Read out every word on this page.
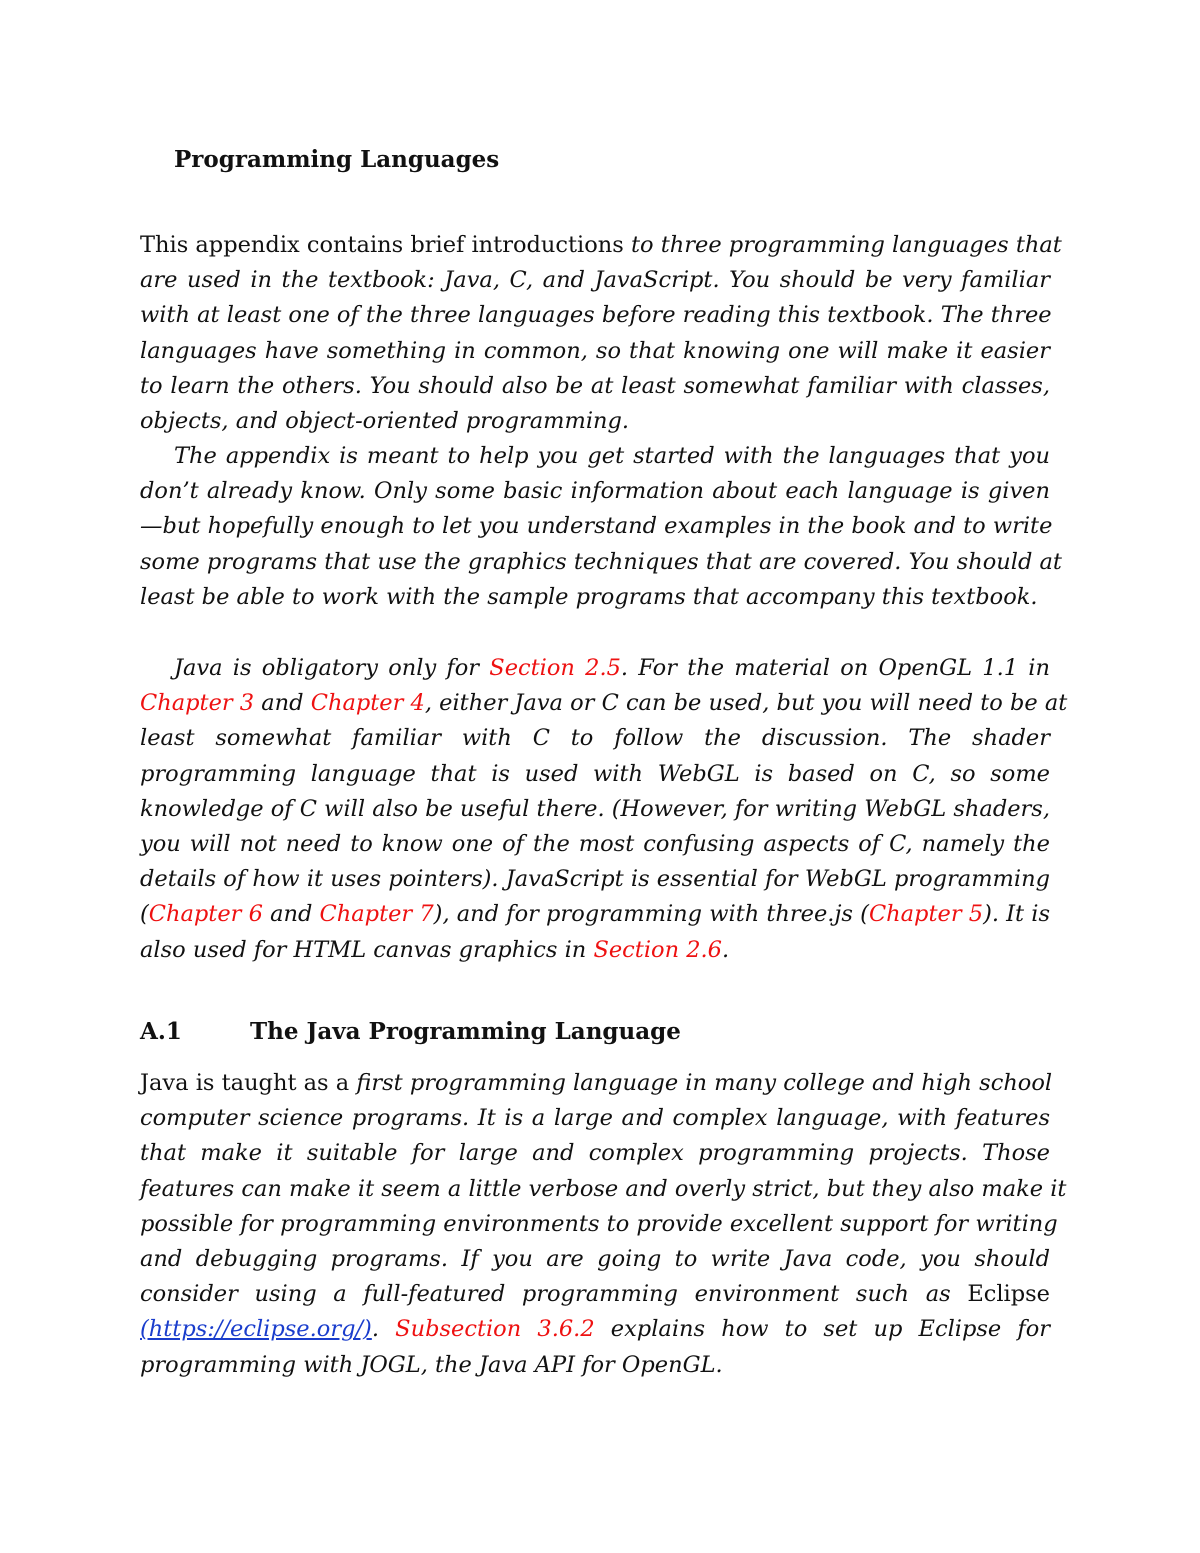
Programming Languages
This appendix contains brief introductions to three programming languages that
are used in the textbook: Java, C, and JavaScript. You should be very familiar
with at least one of the three languages before reading this textbook. The three
languages have something in common, so that knowing one will make it easier
to learn the others. You should also be at least somewhat familiar with classes,
objects, and object-oriented programming.
The appendix is meant to help you get started with the languages that you
don’t already know. Only some basic information about each language is given
—but hopefully enough to let you understand examples in the book and to write
some programs that use the graphics techniques that are covered. You should at
least be able to work with the sample programs that accompany this textbook.
Java is obligatory only for Section 2.5. For the material on OpenGL 1.1 in
Chapter 3 and Chapter 4, either Java or C can be used, but you will need to be at
least somewhat familiar with C to follow the discussion. The shader
programming language that is used with WebGL is based on C, so some
knowledge of C will also be useful there. (However, for writing WebGL shaders,
you will not need to know one of the most confusing aspects of C, namely the
details of how it uses pointers). JavaScript is essential for WebGL programming
(Chapter 6 and Chapter 7), and for programming with three.js (Chapter 5). It is
also used for HTML canvas graphics in Section 2.6.
A.1	The Java Programming Language
Java is taught as a first programming language in many college and high school
computer science programs. It is a large and complex language, with features
that make it suitable for large and complex programming projects. Those
features can make it seem a little verbose and overly strict, but they also make it
possible for programming environments to provide excellent support for writing
and debugging programs. If you are going to write Java code, you should
consider using a full-featured programming environment such as Eclipse
(https://eclipse.org/). Subsection 3.6.2 explains how to set up Eclipse for
programming with JOGL, the Java API for OpenGL.
